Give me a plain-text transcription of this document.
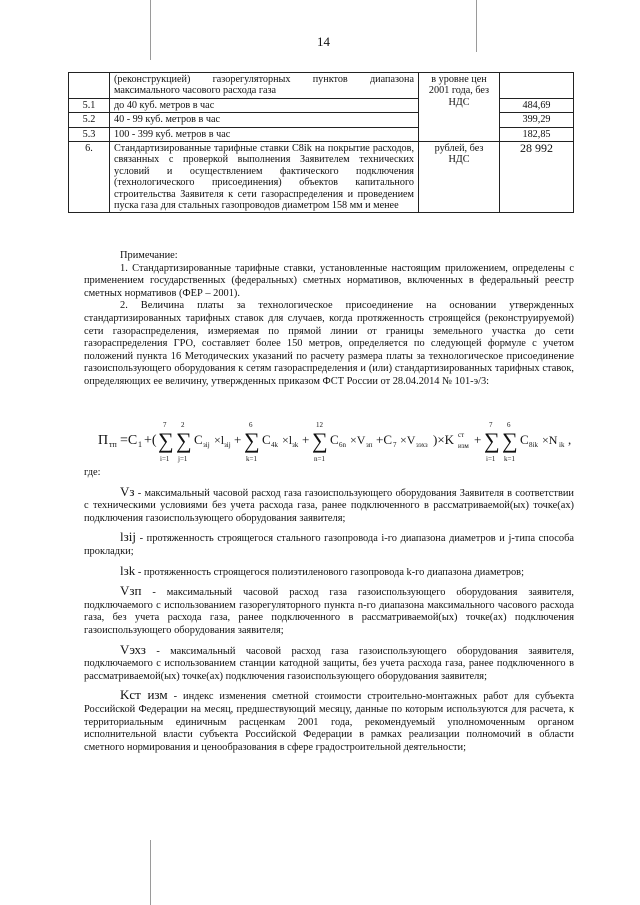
14
	(реконструкцией) газорегуляторных пунктов диапазона максимального часового расхода газа	в уровне цен 2001 года, без НДС	
5.1	до 40 куб. метров в час		484,69
5.2	40 - 99 куб. метров в час		399,29
5.3	100 - 399 куб. метров в час		182,85
6.	Стандартизированные тарифные ставки C8ik на покрытие расходов, связанных с проверкой выполнения Заявителем технических условий и осуществлением фактического подключения (технологического присоединения) объектов капитального строительства Заявителя к сети газораспределения и проведением пуска газа для стальных газопроводов диаметром 158 мм и менее	рублей, без НДС	28 992

Примечание:

1. Стандартизированные тарифные ставки, установленные настоящим приложением, определены с применением государственных (федеральных) сметных нормативов, включенных в федеральный реестр сметных нормативов (ФЕР – 2001).

2. Величина платы за технологическое присоединение на основании утвержденных стандартизированных тарифных ставок для случаев, когда протяженность строящейся (реконструируемой) сети газораспределения, измеряемая по прямой линии от границы земельного участка до сети газораспределения ГРО, составляет более 150 метров, определяется по следующей формуле с учетом положений пункта 16 Методических указаний по расчету размера платы за технологическое присоединение газоиспользующего оборудования к сетям газораспределения и (или) стандартизированных тарифных ставок, определяющих ее величину, утвержденных приказом ФСТ России от 28.04.2014 № 101-э/3:

П тп =С 1 +( ∑
7
i=1
∑
2
j=1
С зij ×l зij + ∑
6
k=1
С 4k ×l зk + ∑
12
n=1
С 6n ×V зп +С 7 ×V зэхз )×K ст
изм + ∑
7
i=1
∑
6
k=1
С 8ik ×N ik ,

где:

Vз - максимальный часовой расход газа газоиспользующего оборудования Заявителя в соответствии с техническими условиями без учета расхода газа, ранее подключенного в рассматриваемой(ых) точке(ах) подключения газоиспользующего оборудования заявителя;

lзij - протяженность строящегося стального газопровода i-го диапазона диаметров и j-типа способа прокладки;

lзk - протяженность строящегося полиэтиленового газопровода k-го диапазона диаметров;

Vзп - максимальный часовой расход газа газоиспользующего оборудования заявителя, подключаемого с использованием газорегуляторного пункта n-го диапазона максимального часового расхода газа, без учета расхода газа, ранее подключенного в рассматриваемой(ых) точке(ах) подключения газоиспользующего оборудования заявителя;

Vэхз - максимальный часовой расход газа газоиспользующего оборудования заявителя, подключаемого с использованием станции катодной защиты, без учета расхода газа, ранее подключенного в рассматриваемой(ых) точке(ах) подключения газоиспользующего оборудования заявителя;

Kст изм - индекс изменения сметной стоимости строительно-монтажных работ для субъекта Российской Федерации на месяц, предшествующий месяцу, данные по которым используются для расчета, к территориальным единичным расценкам 2001 года, рекомендуемый уполномоченным органом исполнительной власти субъекта Российской Федерации в рамках реализации полномочий в области сметного нормирования и ценообразования в сфере градостроительной деятельности;
